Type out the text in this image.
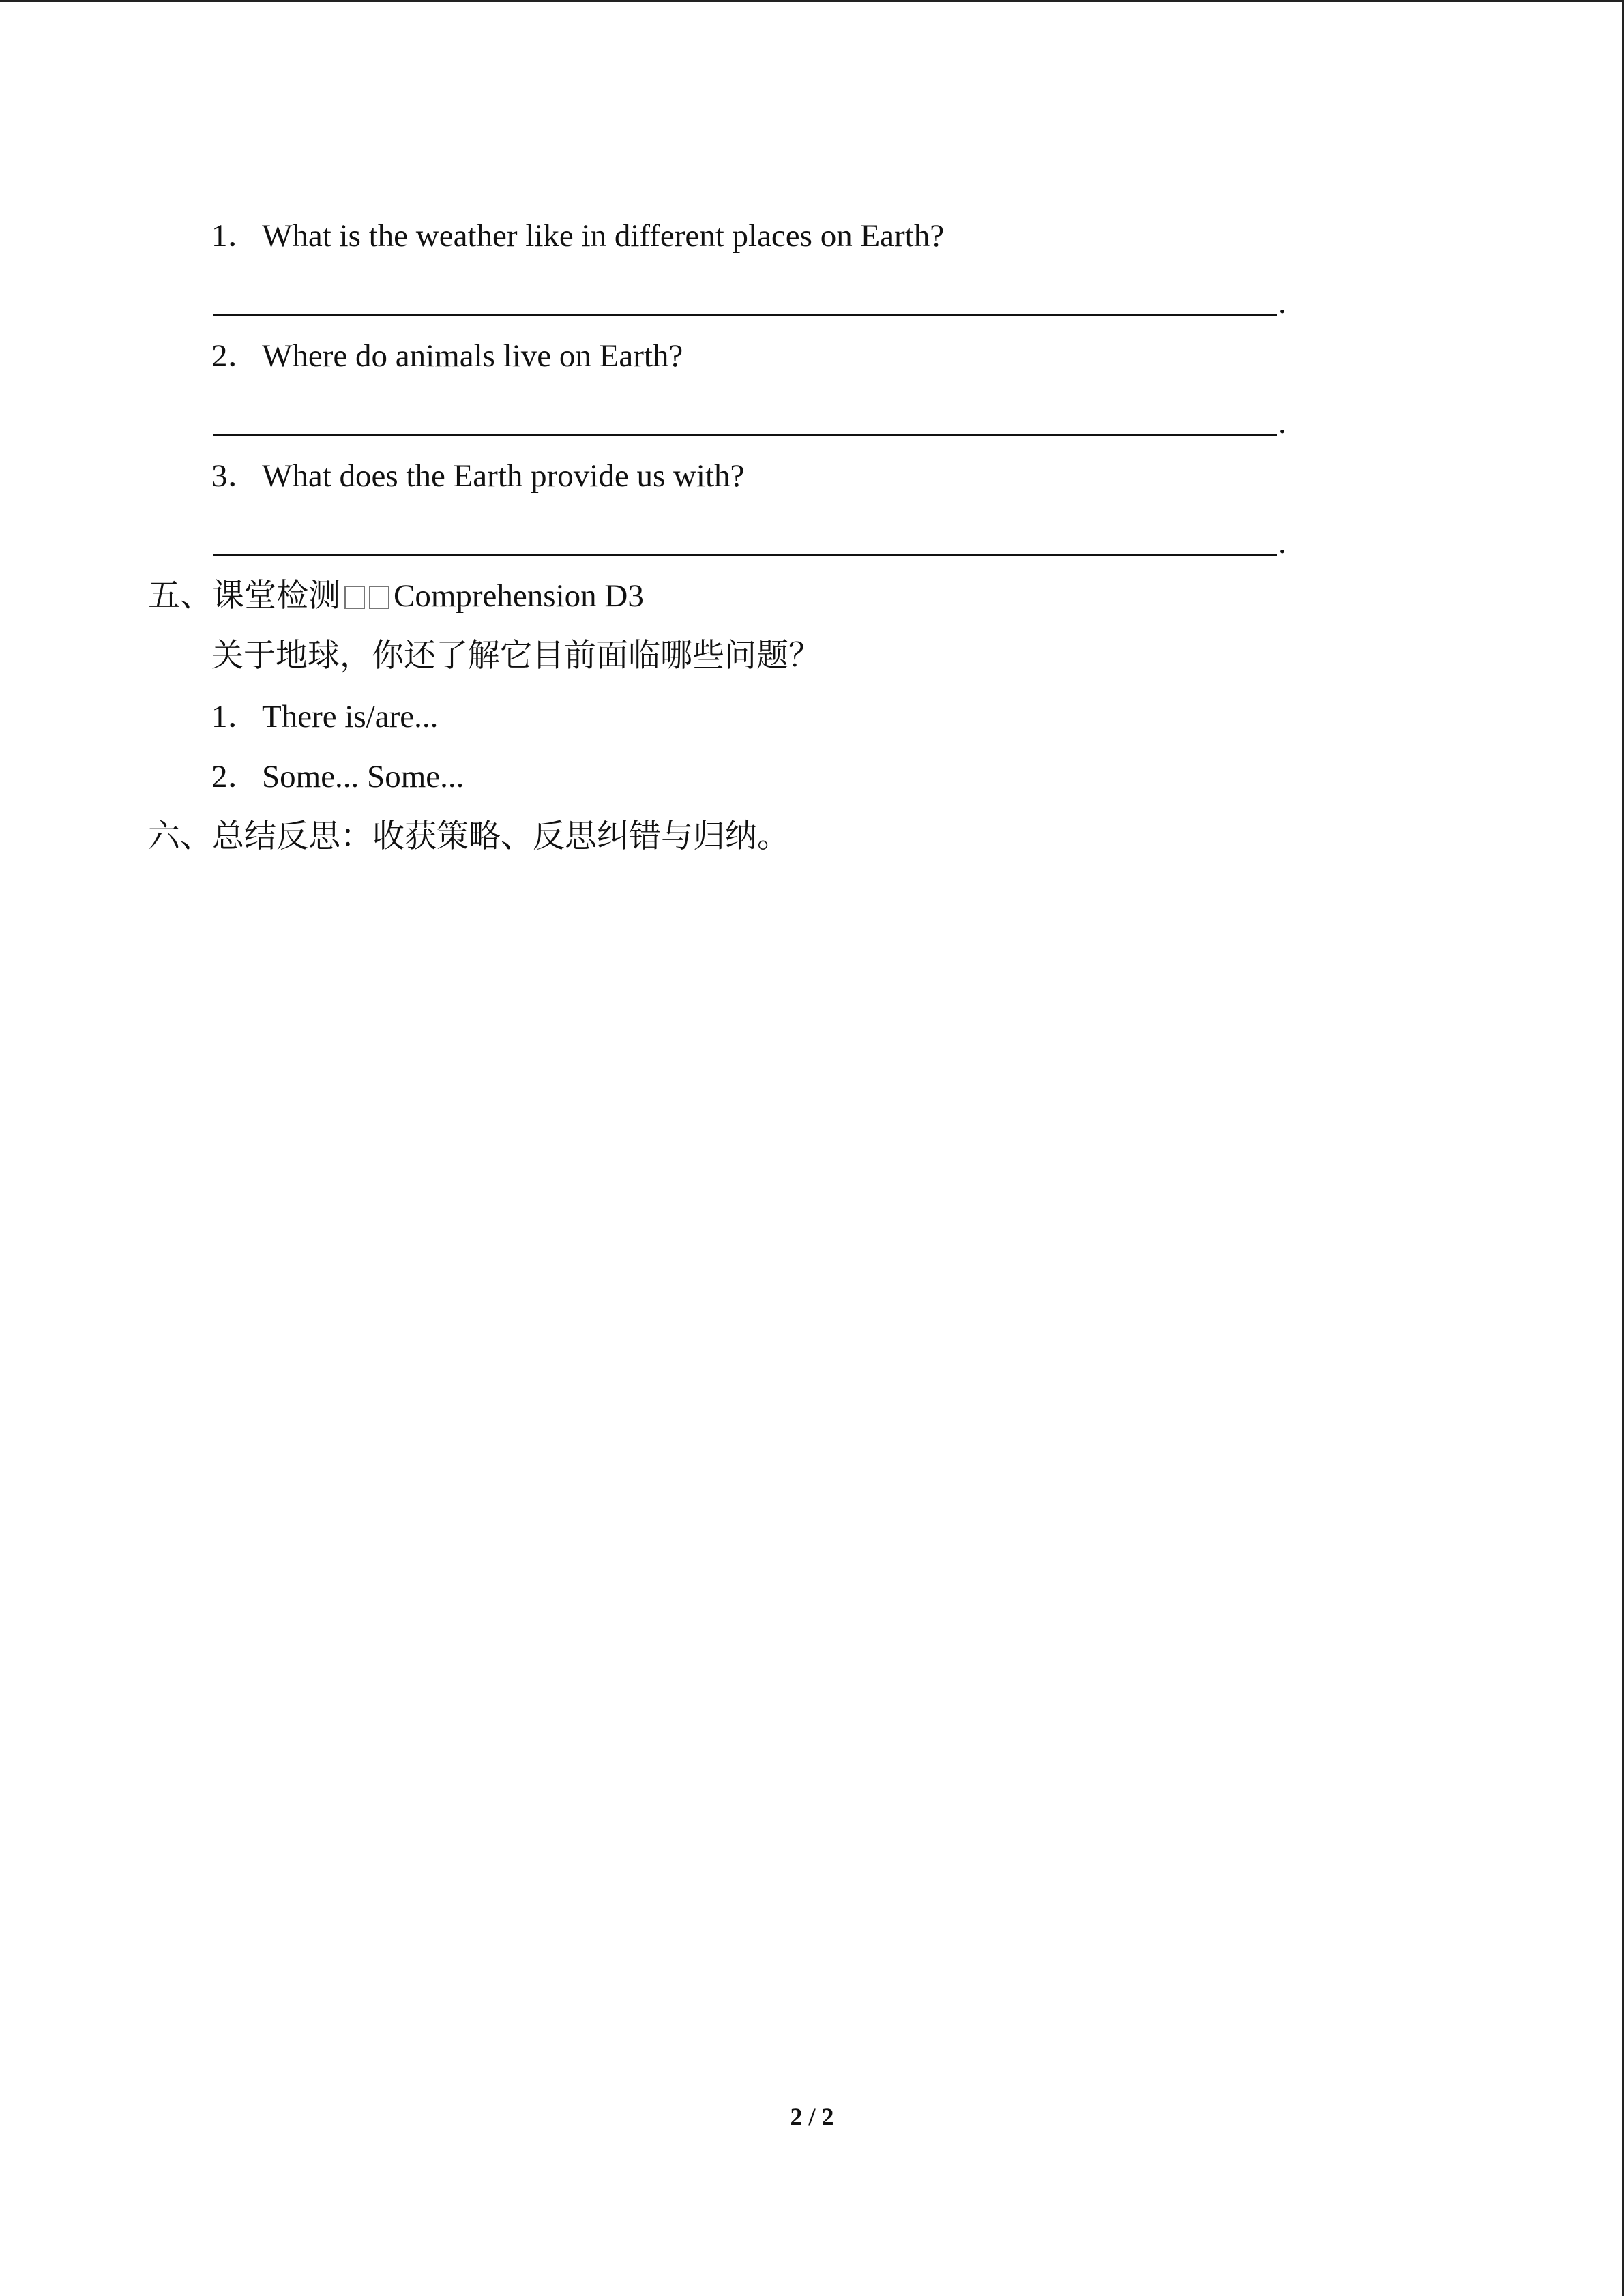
1．What is the weather like in different places on Earth?
.
2．Where do animals live on Earth?
.
3．What does the Earth provide us with?
.
五、课堂检测 Comprehension D3
关于地球，你还了解它目前面临哪些问题？
1．There is/are...
2．Some... Some...
六、总结反思：收获策略、反思纠错与归纳。
2 / 2
